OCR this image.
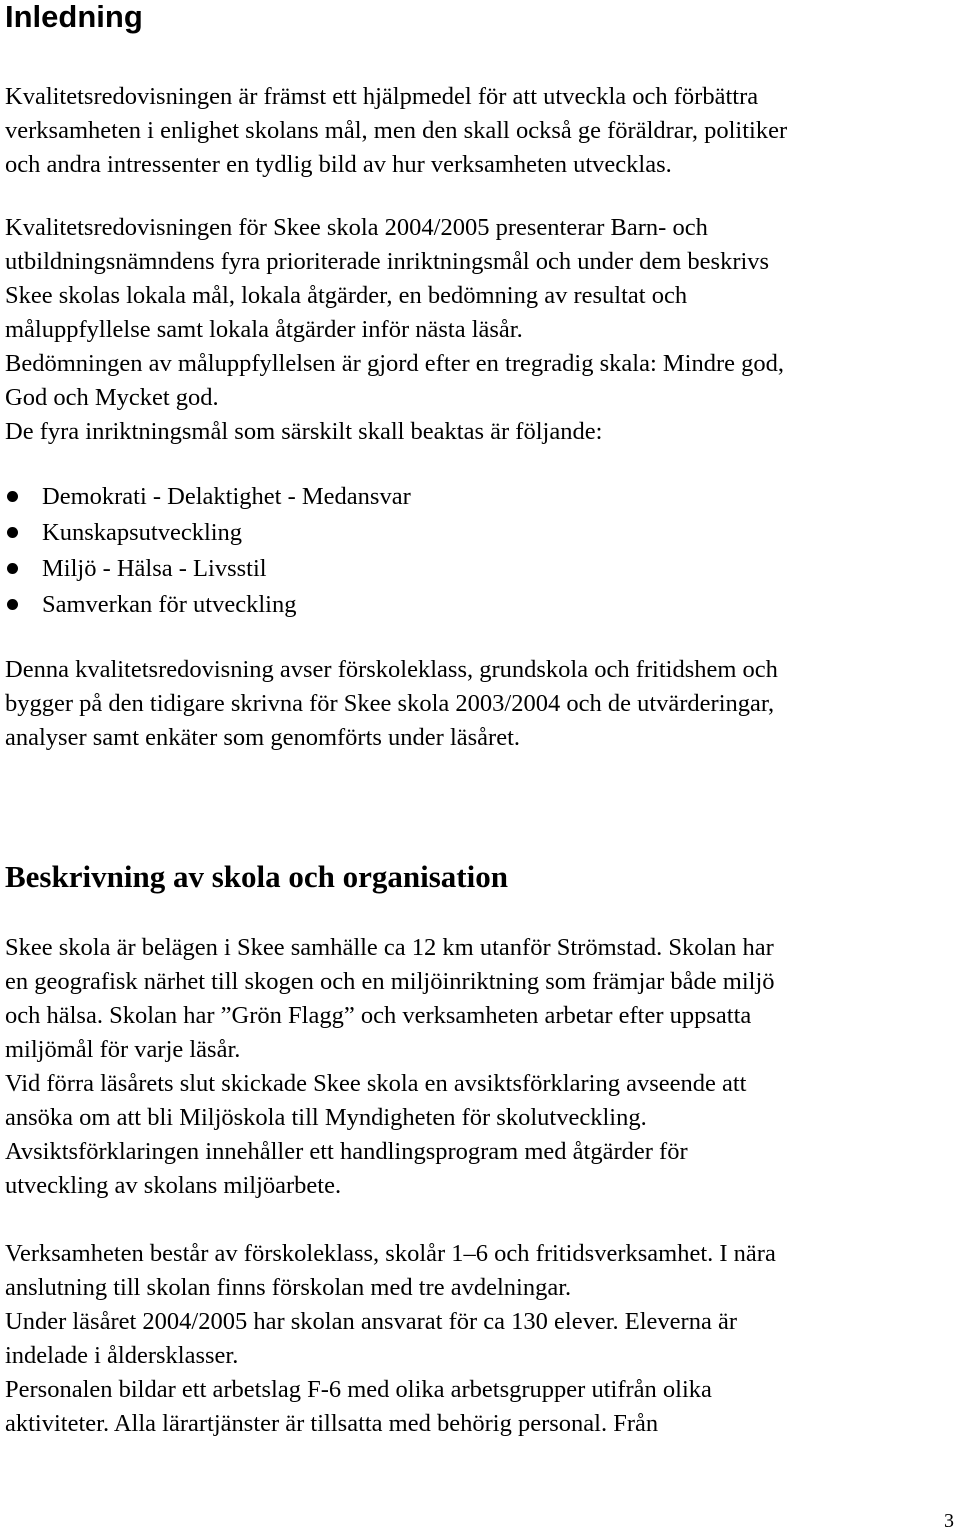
Inledning

Kvalitetsredovisningen är främst ett hjälpmedel för att utveckla och förbättra
verksamheten i enlighet skolans mål, men den skall också ge föräldrar, politiker
och andra intressenter en tydlig bild av hur verksamheten utvecklas.

Kvalitetsredovisningen för Skee skola 2004/2005 presenterar Barn- och
utbildningsnämndens fyra prioriterade inriktningsmål och under dem beskrivs
Skee skolas lokala mål, lokala åtgärder, en bedömning av resultat och
måluppfyllelse samt lokala åtgärder inför nästa läsår.
Bedömningen av måluppfyllelsen är gjord efter en tregradig skala: Mindre god,
God och Mycket god.
De fyra inriktningsmål som särskilt skall beaktas är följande:

Demokrati - Delaktighet - Medansvar
Kunskapsutveckling
Miljö - Hälsa - Livsstil
Samverkan för utveckling

Denna kvalitetsredovisning avser förskoleklass, grundskola och fritidshem och
bygger på den tidigare skrivna för Skee skola 2003/2004 och de utvärderingar,
analyser samt enkäter som genomförts under läsåret.

Beskrivning av skola och organisation

Skee skola är belägen i Skee samhälle ca 12 km utanför Strömstad. Skolan har
en geografisk närhet till skogen och en miljöinriktning som främjar både miljö
och hälsa. Skolan har ”Grön Flagg” och verksamheten arbetar efter uppsatta
miljömål för varje läsår.
Vid förra läsårets slut skickade Skee skola en avsiktsförklaring avseende att
ansöka om att bli Miljöskola till Myndigheten för skolutveckling.
Avsiktsförklaringen innehåller ett handlingsprogram med åtgärder för
utveckling av skolans miljöarbete.

Verksamheten består av förskoleklass, skolår 1–6 och fritidsverksamhet. I nära
anslutning till skolan finns förskolan med tre avdelningar.
Under läsåret 2004/2005 har skolan ansvarat för ca 130 elever. Eleverna är
indelade i åldersklasser.
Personalen bildar ett arbetslag F-6 med olika arbetsgrupper utifrån olika
aktiviteter. Alla lärartjänster är tillsatta med behörig personal. Från

3
